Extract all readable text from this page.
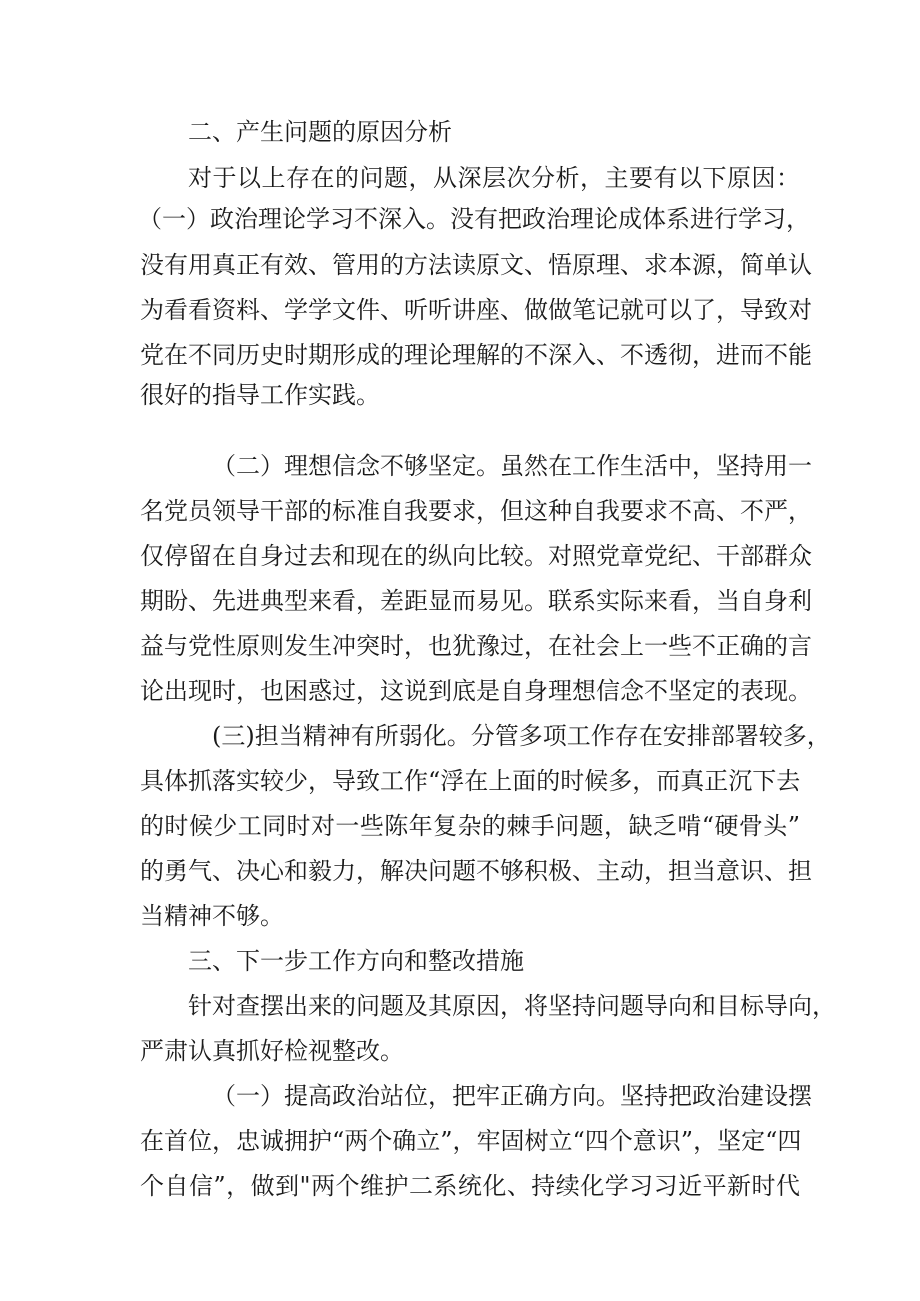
二、产生问题的原因分析
对于以上存在的问题，从深层次分析，主要有以下原因：
（一）政治理论学习不深入。没有把政治理论成体系进行学习，
没有用真正有效、管用的方法读原文、悟原理、求本源，简单认
为看看资料、学学文件、听听讲座、做做笔记就可以了，导致对
党在不同历史时期形成的理论理解的不深入、不透彻，进而不能
很好的指导工作实践。
（二）理想信念不够坚定。虽然在工作生活中，坚持用一
名党员领导干部的标准自我要求，但这种自我要求不高、不严，
仅停留在自身过去和现在的纵向比较。对照党章党纪、干部群众
期盼、先进典型来看，差距显而易见。联系实际来看，当自身利
益与党性原则发生冲突时，也犹豫过，在社会上一些不正确的言
论出现时，也困惑过，这说到底是自身理想信念不坚定的表现。
(三)担当精神有所弱化。分管多项工作存在安排部署较多，
具体抓落实较少，导致工作“浮在上面的时候多，而真正沉下去
的时候少工同时对一些陈年复杂的棘手问题，缺乏啃“硬骨头”
的勇气、决心和毅力，解决问题不够积极、主动，担当意识、担
当精神不够。
三、下一步工作方向和整改措施
针对查摆出来的问题及其原因，将坚持问题导向和目标导向，
严肃认真抓好检视整改。
（一）提高政治站位，把牢正确方向。坚持把政治建设摆
在首位，忠诚拥护“两个确立”，牢固树立“四个意识”，坚定“四
个自信”，做到"两个维护二系统化、持续化学习习近平新时代
